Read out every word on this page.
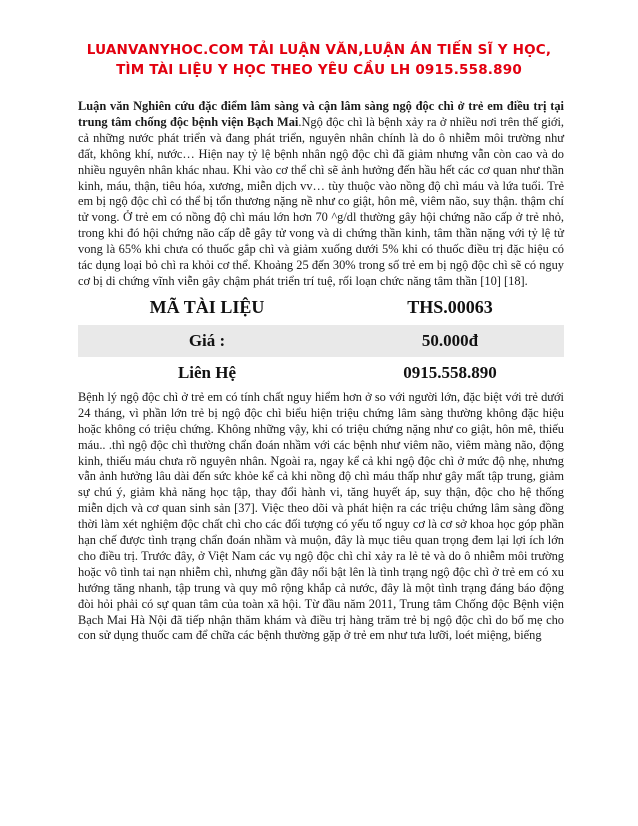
LUANVANYHOC.COM TẢI LUẬN VĂN,LUẬN ÁN TIẾN SĨ Y HỌC,
TÌM TÀI LIỆU Y HỌC THEO YÊU CẦU LH 0915.558.890

Luận văn Nghiên cứu đặc điểm lâm sàng và cận lâm sàng ngộ độc chì ở trẻ em điều trị tại trung tâm chống độc bệnh viện Bạch Mai.Ngộ độc chì là bệnh xảy ra ở nhiều nơi trên thế giới, cả những nước phát triển và đang phát triển, nguyên nhân chính là do ô nhiễm môi trường như đất, không khí, nước… Hiện nay tỷ lệ bệnh nhân ngộ độc chì đã giảm nhưng vẫn còn cao và do nhiều nguyên nhân khác nhau. Khi vào cơ thể chì sẽ ảnh hưởng đến hầu hết các cơ quan như thần kinh, máu, thận, tiêu hóa, xương, miễn dịch vv… tùy thuộc vào nồng độ chì máu và lứa tuổi. Trẻ em bị ngộ độc chì có thể bị tổn thương nặng nề như co giật, hôn mê, viêm não, suy thận. thậm chí tử vong. Ở trẻ em có nồng độ chì máu lớn hơn 70 ^g/dl thường gây hội chứng não cấp ở trẻ nhỏ, trong khi đó hội chứng não cấp dễ gây tử vong và di chứng thần kinh, tâm thần nặng với tỷ lệ tử vong là 65% khi chưa có thuốc gắp chì và giảm xuống dưới 5% khi có thuốc điều trị đặc hiệu có tác dụng loại bỏ chì ra khỏi cơ thể. Khoảng 25 đến 30% trong số trẻ em bị ngộ độc chì sẽ có nguy cơ bị di chứng vĩnh viễn gây chậm phát triển trí tuệ, rối loạn chức năng tâm thần [10] [18].

MÃ TÀI LIỆU	THS.00063
Giá :	50.000đ
Liên Hệ	0915.558.890

Bệnh lý ngộ độc chì ở trẻ em có tính chất nguy hiểm hơn ở so với người lớn, đặc biệt với trẻ dưới 24 tháng, vì phần lớn trẻ bị ngộ độc chì biểu hiện triệu chứng lâm sàng thường không đặc hiệu hoặc không có triệu chứng. Không những vậy, khi có triệu chứng nặng như co giật, hôn mê, thiếu máu.. .thì ngộ độc chì thường chẩn đoán nhầm với các bệnh như viêm não, viêm màng não, động kinh, thiếu máu chưa rõ nguyên nhân. Ngoài ra, ngay kể cả khi ngộ độc chì ở mức độ nhẹ, nhưng vẫn ảnh hưởng lâu dài đến sức khỏe kể cả khi nồng độ chì máu thấp như gây mất tập trung, giảm sự chú ý, giảm khả năng học tập, thay đổi hành vi, tăng huyết áp, suy thận, độc cho hệ thống miễn dịch và cơ quan sinh sản [37]. Việc theo dõi và phát hiện ra các triệu chứng lâm sàng đồng thời làm xét nghiệm độc chất chì cho các đối tượng có yếu tố nguy cơ là cơ sở khoa học góp phần hạn chế được tình trạng chẩn đoán nhầm và muộn, đây là mục tiêu quan trọng đem lại lợi ích lớn cho điều trị. Trước đây, ở Việt Nam các vụ ngộ độc chì chỉ xảy ra lẻ tẻ và do ô nhiễm môi trường hoặc vô tình tai nạn nhiễm chì, nhưng gần đây nổi bật lên là tình trạng ngộ độc chì ở trẻ em có xu hướng tăng nhanh, tập trung và quy mô rộng khắp cả nước, đây là một tình trạng đáng báo động đòi hỏi phải có sự quan tâm của toàn xã hội. Từ đầu năm 2011, Trung tâm Chống độc Bệnh viện Bạch Mai Hà Nội đã tiếp nhận thăm khám và điều trị hàng trăm trẻ bị ngộ độc chì do bố mẹ cho con sử dụng thuốc cam để chữa các bệnh thường gặp ở trẻ em như tưa lưỡi, loét miệng, biếng
